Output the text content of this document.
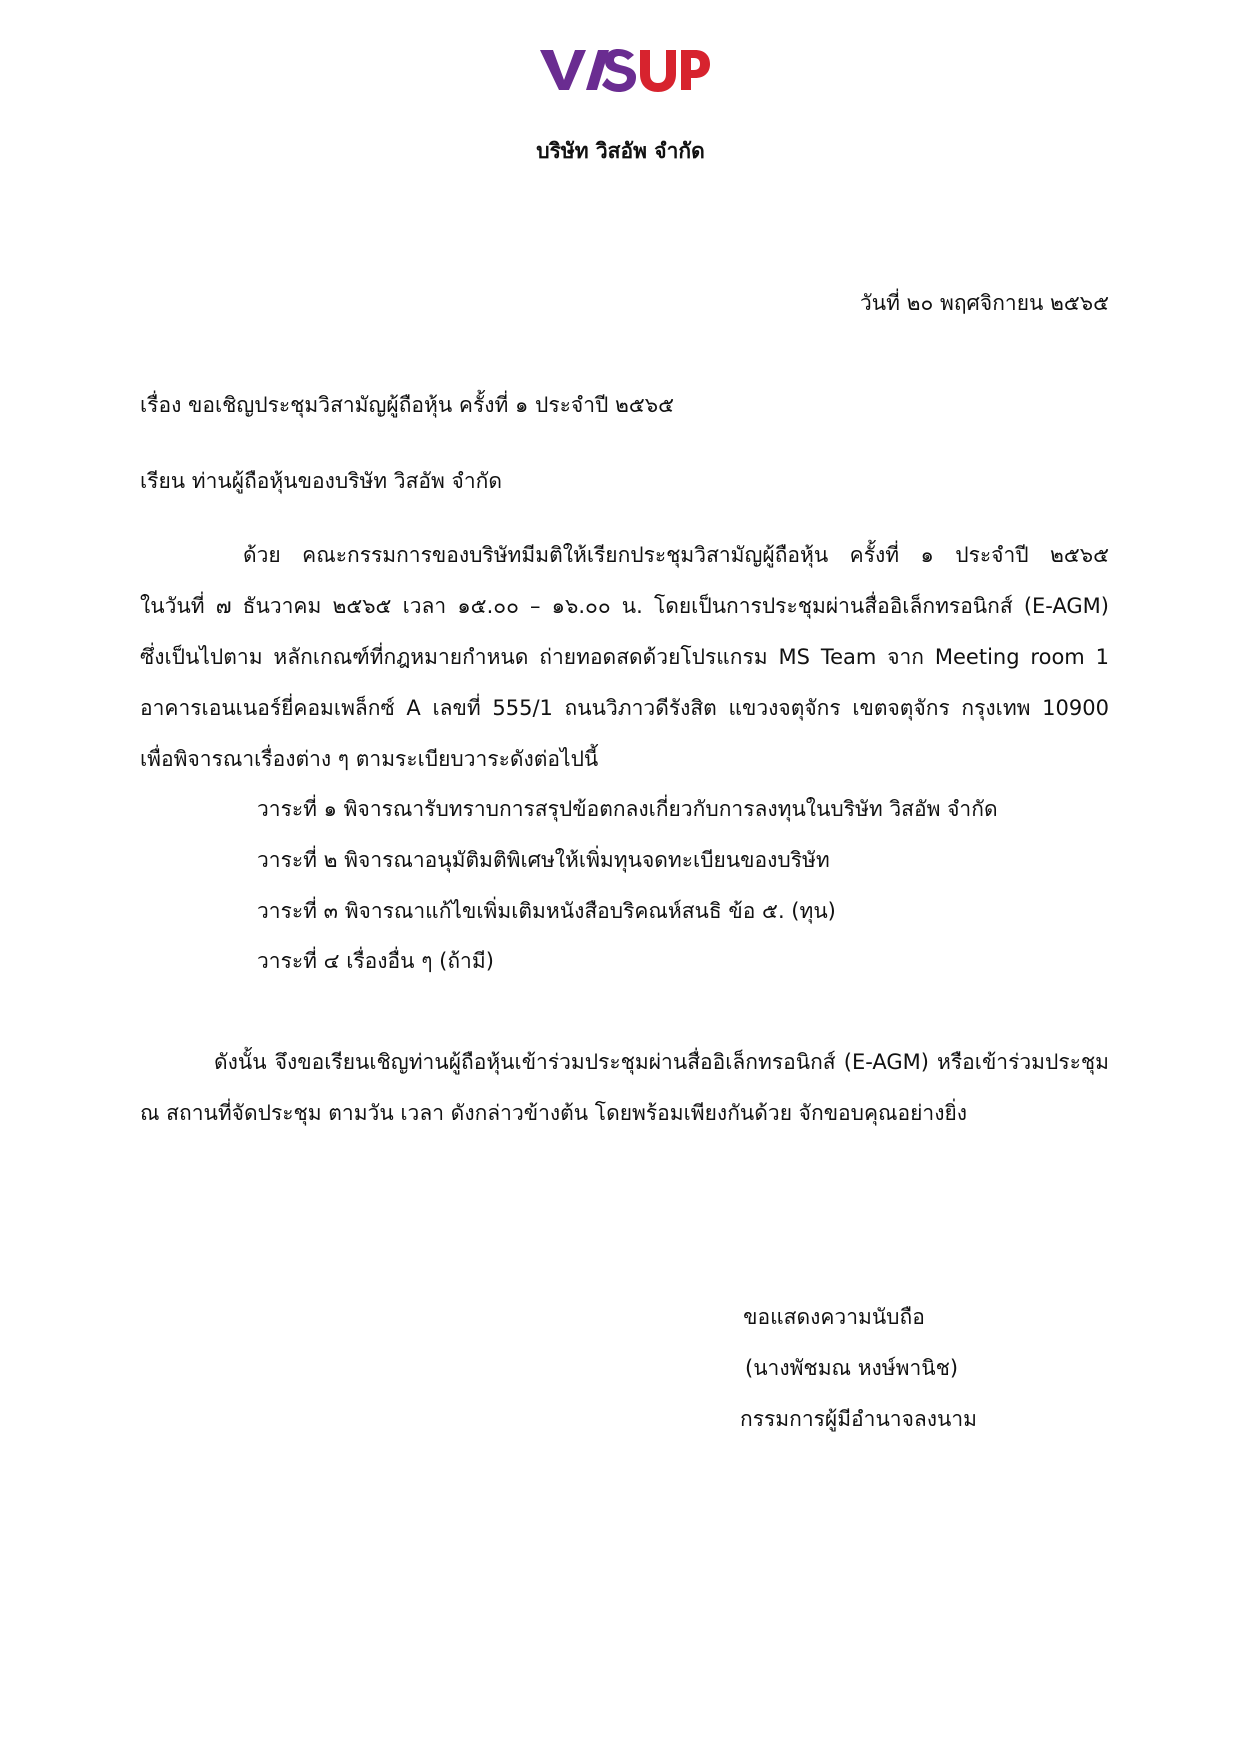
บริษัท วิสอัพ จำกัด
วันที่ ๒๐ พฤศจิกายน ๒๕๖๕
เรื่อง ขอเชิญประชุมวิสามัญผู้ถือหุ้น ครั้งที่ ๑ ประจำปี ๒๕๖๕
เรียน ท่านผู้ถือหุ้นของบริษัท วิสอัพ จำกัด
ด้วย คณะกรรมการของบริษัทมีมติให้เรียกประชุมวิสามัญผู้ถือหุ้น ครั้งที่ ๑ ประจำปี ๒๕๖๕
ในวันที่ ๗ ธันวาคม ๒๕๖๕ เวลา ๑๕.๐๐ – ๑๖.๐๐ น. โดยเป็นการประชุมผ่านสื่ออิเล็กทรอนิกส์ (E-AGM)
ซึ่งเป็นไปตาม หลักเกณฑ์ที่กฎหมายกำหนด ถ่ายทอดสดด้วยโปรแกรม MS Team จาก Meeting room 1
อาคารเอนเนอร์ยี่คอมเพล็กซ์ A เลขที่ 555/1 ถนนวิภาวดีรังสิต แขวงจตุจักร เขตจตุจักร กรุงเทพ 10900
เพื่อพิจารณาเรื่องต่าง ๆ ตามระเบียบวาระดังต่อไปนี้
วาระที่ ๑ พิจารณารับทราบการสรุปข้อตกลงเกี่ยวกับการลงทุนในบริษัท วิสอัพ จำกัด
วาระที่ ๒ พิจารณาอนุมัติมติพิเศษให้เพิ่มทุนจดทะเบียนของบริษัท
วาระที่ ๓ พิจารณาแก้ไขเพิ่มเติมหนังสือบริคณห์สนธิ ข้อ ๕. (ทุน)
วาระที่ ๔ เรื่องอื่น ๆ (ถ้ามี)
ดังนั้น จึงขอเรียนเชิญท่านผู้ถือหุ้นเข้าร่วมประชุมผ่านสื่ออิเล็กทรอนิกส์ (E-AGM) หรือเข้าร่วมประชุม
ณ สถานที่จัดประชุม ตามวัน เวลา ดังกล่าวข้างต้น โดยพร้อมเพียงกันด้วย จักขอบคุณอย่างยิ่ง
ขอแสดงความนับถือ
(นางพัชมณ หงษ์พานิช)
กรรมการผู้มีอำนาจลงนาม
